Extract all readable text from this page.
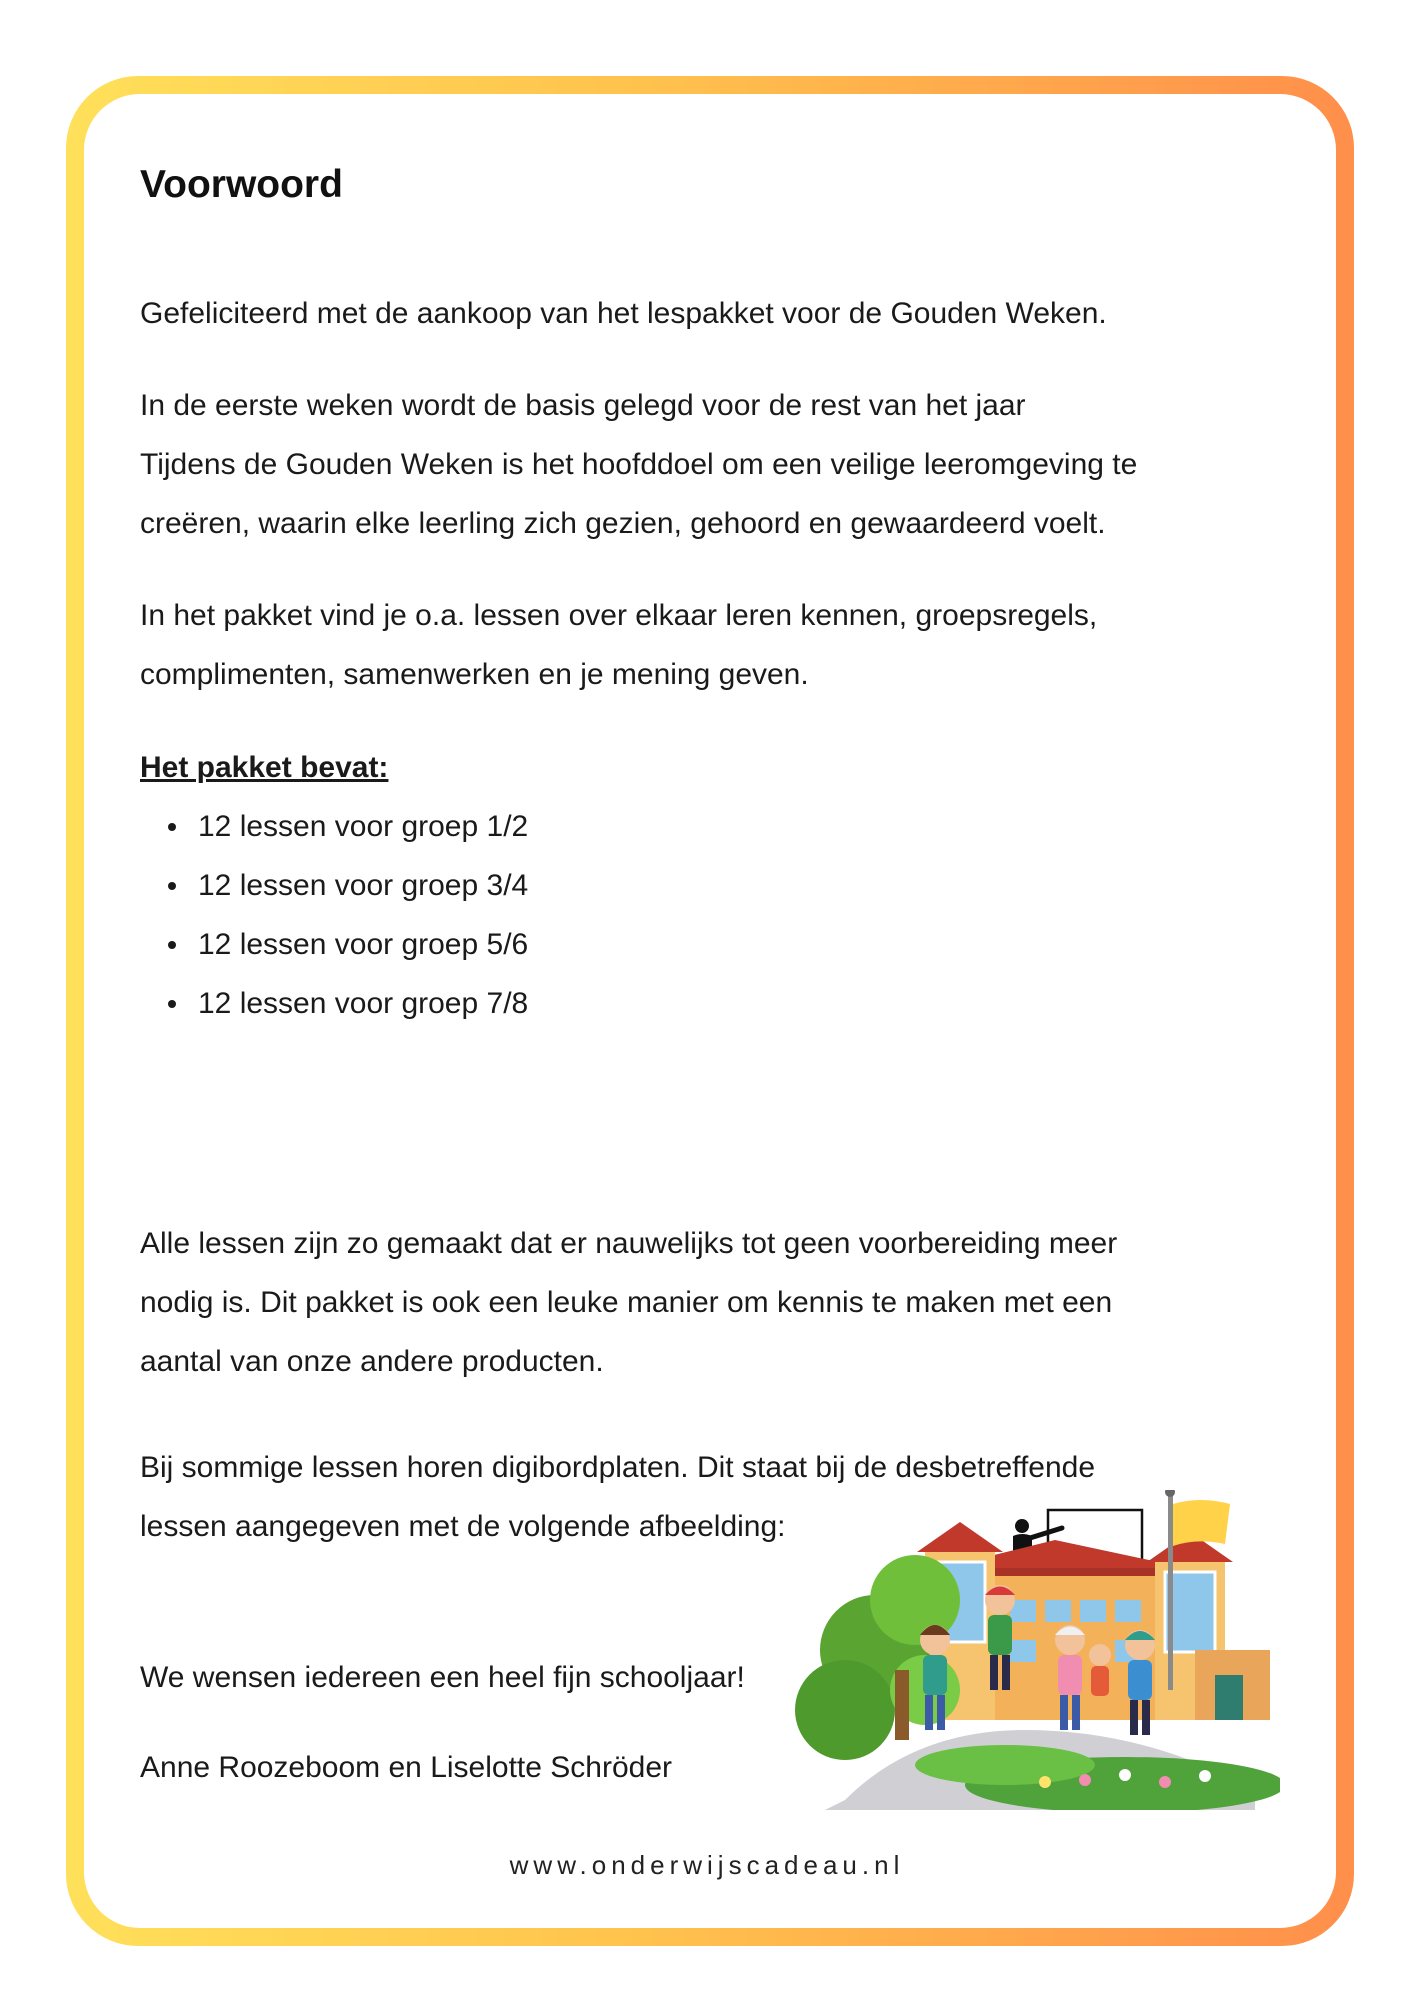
Voorwoord
Gefeliciteerd met de aankoop van het lespakket voor de Gouden Weken.
In de eerste weken wordt de basis gelegd voor de rest van het jaar
Tijdens de Gouden Weken is het hoofddoel om een veilige leeromgeving te
creëren, waarin elke leerling zich gezien, gehoord en gewaardeerd voelt.
In het pakket vind je o.a. lessen over elkaar leren kennen, groepsregels,
complimenten, samenwerken en je mening geven.
Het pakket bevat:
12 lessen voor groep 1/2
12 lessen voor groep 3/4
12 lessen voor groep 5/6
12 lessen voor groep 7/8
Alle lessen zijn zo gemaakt dat er nauwelijks tot geen voorbereiding meer
nodig is. Dit pakket is ook een leuke manier om kennis te maken met een
aantal van onze andere producten.
Bij sommige lessen horen digibordplaten. Dit staat bij de desbetreffende
lessen aangegeven met de volgende afbeelding:
We wensen iedereen een heel fijn schooljaar!
Anne Roozeboom en Liselotte Schröder
www.onderwijscadeau.nl
